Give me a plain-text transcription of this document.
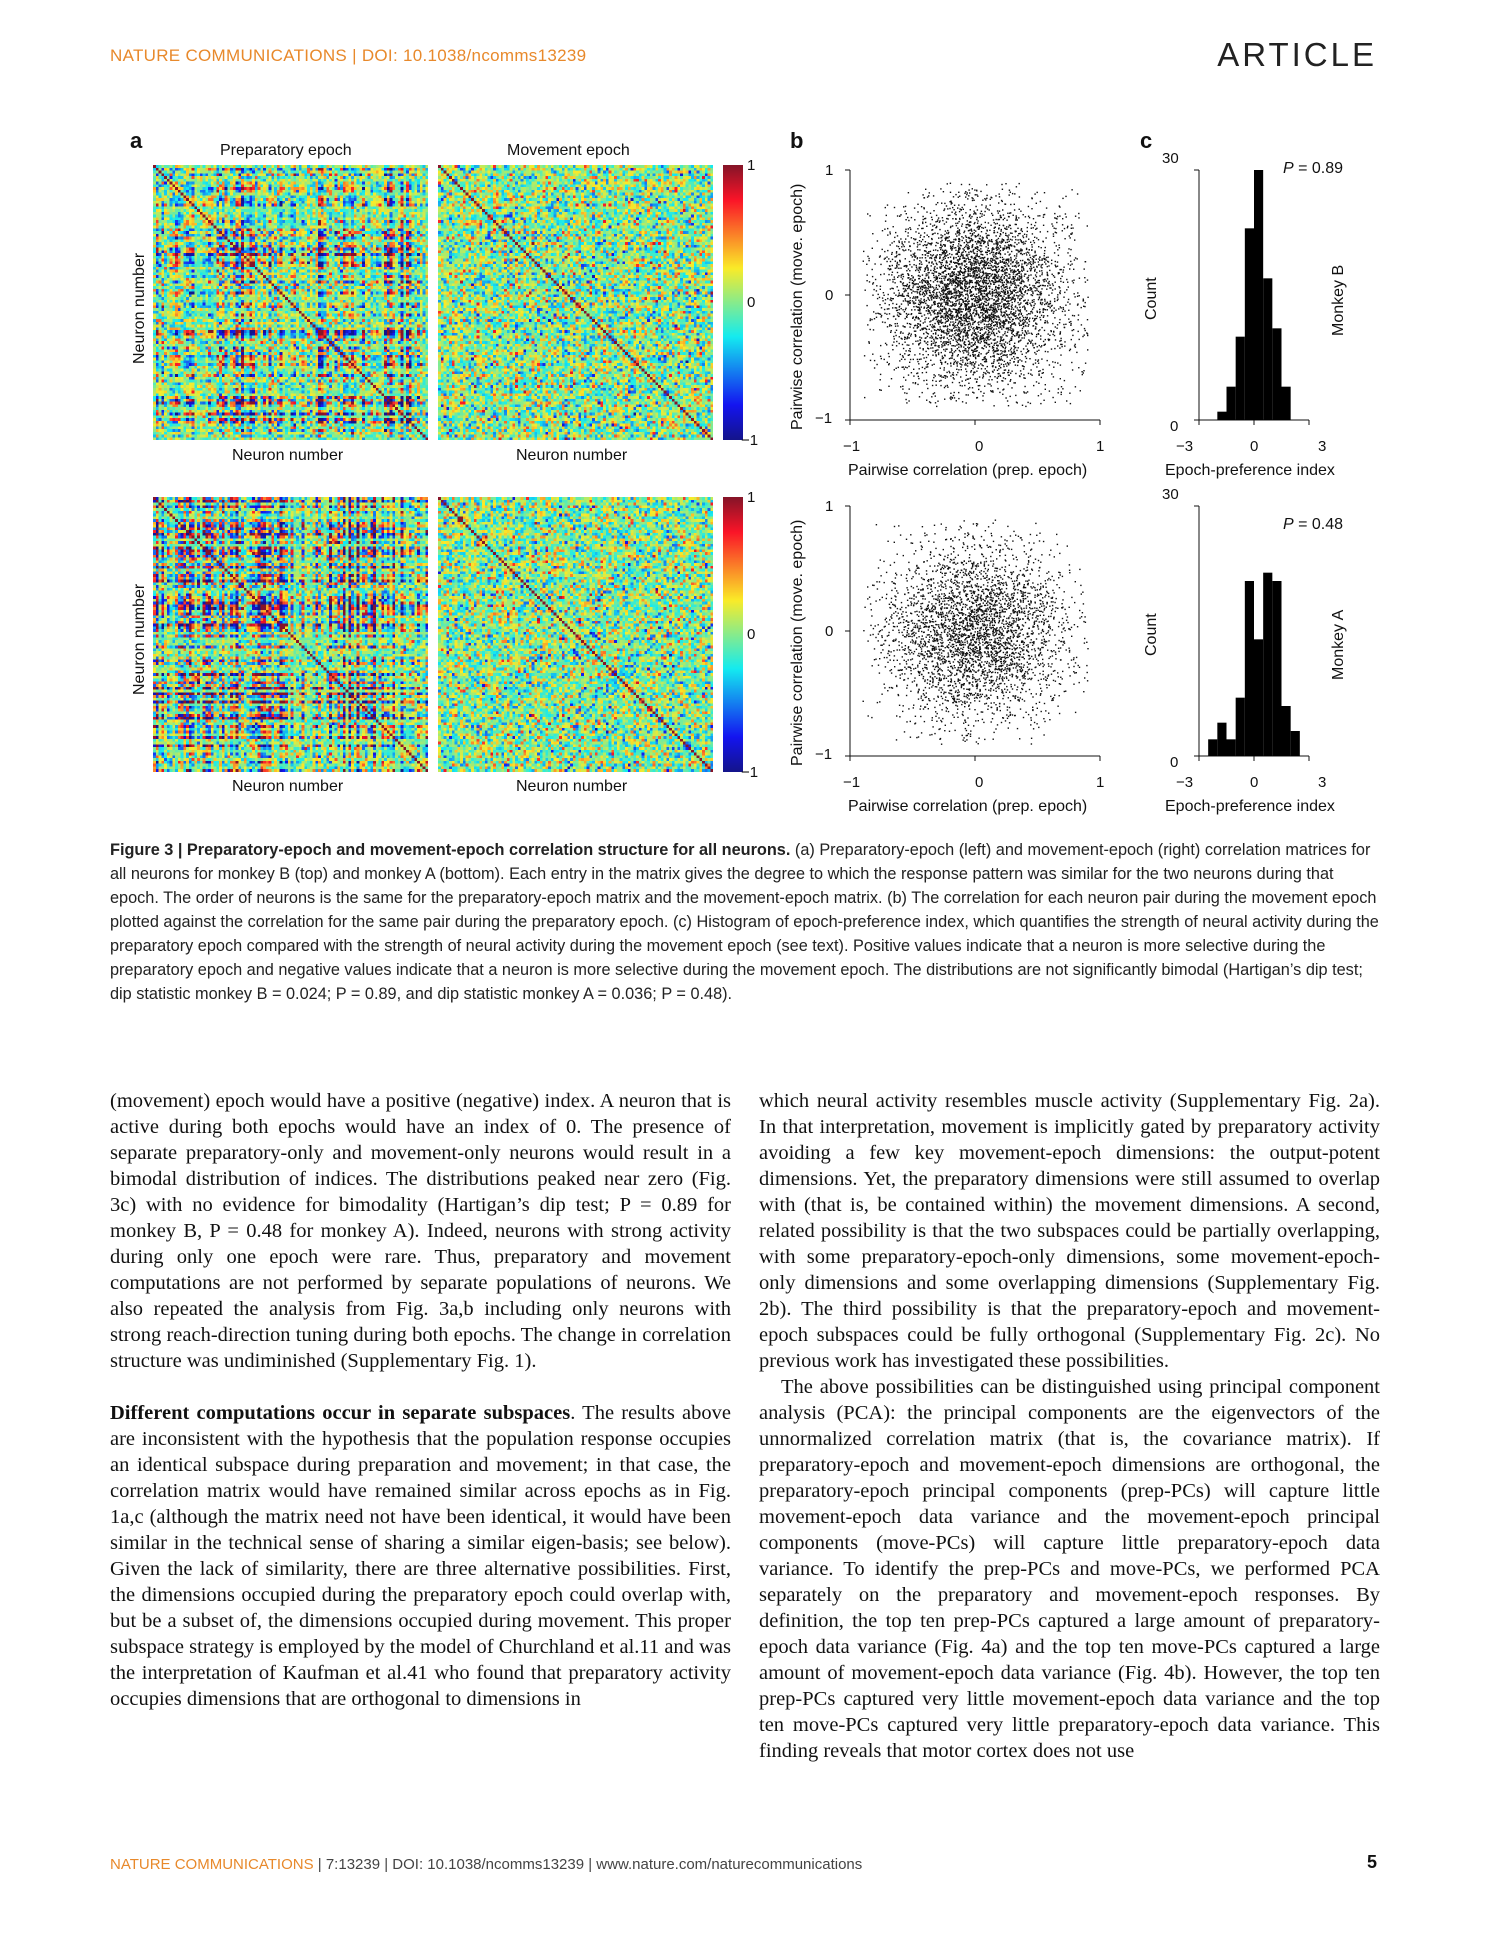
NATURE COMMUNICATIONS | DOI: 10.1038/ncomms13239	ARTICLE
a	Preparatory epoch	Movement epoch
Neuron number	Neuron number
Neuron number	Neuron number
Neuron number
Neuron number
1
0
−1
1
0
−1
b
1
0
−1
−1	0	1
Pairwise correlation (prep. epoch)
Pairwise correlation (move. epoch)
1
0
−1
−1	0	1
Pairwise correlation (prep. epoch)
Pairwise correlation (move. epoch)
c
30
0
−3	0	3
Epoch-preference index
Count
P = 0.89
Monkey B
30
0
−3	0	3
Epoch-preference index
Count
P = 0.48
Monkey A
Figure 3 | Preparatory-epoch and movement-epoch correlation structure for all neurons. (a) Preparatory-epoch (left) and movement-epoch (right) correlation matrices for all neurons for monkey B (top) and monkey A (bottom). Each entry in the matrix gives the degree to which the response pattern was similar for the two neurons during that epoch. The order of neurons is the same for the preparatory-epoch matrix and the movement-epoch matrix. (b) The correlation for each neuron pair during the movement epoch plotted against the correlation for the same pair during the preparatory epoch. (c) Histogram of epoch-preference index, which quantifies the strength of neural activity during the preparatory epoch compared with the strength of neural activity during the movement epoch (see text). Positive values indicate that a neuron is more selective during the preparatory epoch and negative values indicate that a neuron is more selective during the movement epoch. The distributions are not significantly bimodal (Hartigan’s dip test; dip statistic monkey B = 0.024; P = 0.89, and dip statistic monkey A = 0.036; P = 0.48).

(movement) epoch would have a positive (negative) index. A neuron that is active during both epochs would have an index of 0. The presence of separate preparatory-only and movement-only neurons would result in a bimodal distribution of indices. The distributions peaked near zero (Fig. 3c) with no evidence for bimodality (Hartigan’s dip test; P = 0.89 for monkey B, P = 0.48 for monkey A). Indeed, neurons with strong activity during only one epoch were rare. Thus, preparatory and movement computations are not performed by separate populations of neurons. We also repeated the analysis from Fig. 3a,b including only neurons with strong reach-direction tuning during both epochs. The change in correlation structure was undiminished (Supplementary Fig. 1).

Different computations occur in separate subspaces. The results above are inconsistent with the hypothesis that the population response occupies an identical subspace during preparation and movement; in that case, the correlation matrix would have remained similar across epochs as in Fig. 1a,c (although the matrix need not have been identical, it would have been similar in the technical sense of sharing a similar eigen-basis; see below). Given the lack of similarity, there are three alternative possibilities. First, the dimensions occupied during the preparatory epoch could overlap with, but be a subset of, the dimensions occupied during movement. This proper subspace strategy is employed by the model of Churchland et al.11 and was the interpretation of Kaufman et al.41 who found that preparatory activity occupies dimensions that are orthogonal to dimensions in

which neural activity resembles muscle activity (Supplementary Fig. 2a). In that interpretation, movement is implicitly gated by preparatory activity avoiding a few key movement-epoch dimensions: the output-potent dimensions. Yet, the preparatory dimensions were still assumed to overlap with (that is, be contained within) the movement dimensions. A second, related possibility is that the two subspaces could be partially overlapping, with some preparatory-epoch-only dimensions, some movement-epoch-only dimensions and some overlapping dimensions (Supplementary Fig. 2b). The third possibility is that the preparatory-epoch and movement-epoch subspaces could be fully orthogonal (Supplementary Fig. 2c). No previous work has investigated these possibilities.

The above possibilities can be distinguished using principal component analysis (PCA): the principal components are the eigenvectors of the unnormalized correlation matrix (that is, the covariance matrix). If preparatory-epoch and movement-epoch dimensions are orthogonal, the preparatory-epoch principal components (prep-PCs) will capture little movement-epoch data variance and the movement-epoch principal components (move-PCs) will capture little preparatory-epoch data variance. To identify the prep-PCs and move-PCs, we performed PCA separately on the preparatory and movement-epoch responses. By definition, the top ten prep-PCs captured a large amount of preparatory-epoch data variance (Fig. 4a) and the top ten move-PCs captured a large amount of movement-epoch data variance (Fig. 4b). However, the top ten prep-PCs captured very little movement-epoch data variance and the top ten move-PCs captured very little preparatory-epoch data variance. This finding reveals that motor cortex does not use

NATURE COMMUNICATIONS | 7:13239 | DOI: 10.1038/ncomms13239 | www.nature.com/naturecommunications	5
